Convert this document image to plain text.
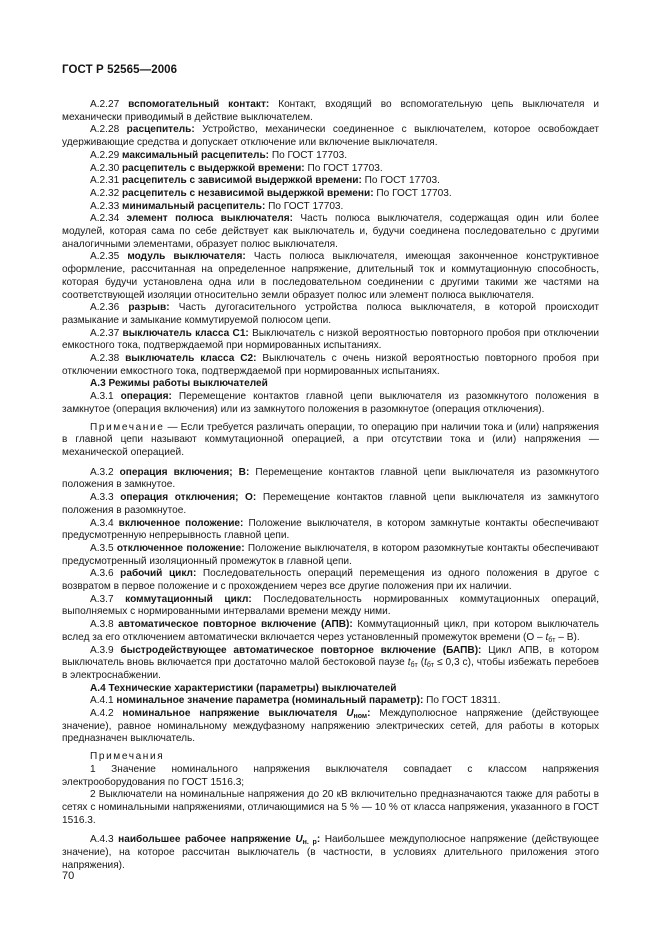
ГОСТ Р 52565—2006

A.2.27 вспомогательный контакт: Контакт, входящий во вспомогательную цепь выключателя и механически приводимый в действие выключателем.

A.2.28 расцепитель: Устройство, механически соединенное с выключателем, которое освобождает удерживающие средства и допускает отключение или включение выключателя.

A.2.29 максимальный расцепитель: По ГОСТ 17703.

A.2.30 расцепитель с выдержкой времени: По ГОСТ 17703.

A.2.31 расцепитель с зависимой выдержкой времени: По ГОСТ 17703.

A.2.32 расцепитель с независимой выдержкой времени: По ГОСТ 17703.

A.2.33 минимальный расцепитель: По ГОСТ 17703.

A.2.34 элемент полюса выключателя: Часть полюса выключателя, содержащая один или более модулей, которая сама по себе действует как выключатель и, будучи соединена последовательно с другими аналогичными элементами, образует полюс выключателя.

A.2.35 модуль выключателя: Часть полюса выключателя, имеющая законченное конструктивное оформление, рассчитанная на определенное напряжение, длительный ток и коммутационную способность, которая будучи установлена одна или в последовательном соединении с другими такими же частями на соответствующей изоляции относительно земли образует полюс или элемент полюса выключателя.

A.2.36 разрыв: Часть дугогасительного устройства полюса выключателя, в которой происходит размыкание и замыкание коммутируемой полюсом цепи.

A.2.37 выключатель класса С1: Выключатель с низкой вероятностью повторного пробоя при отключении емкостного тока, подтверждаемой при нормированных испытаниях.

A.2.38 выключатель класса С2: Выключатель с очень низкой вероятностью повторного пробоя при отключении емкостного тока, подтверждаемой при нормированных испытаниях.

А.3 Режимы работы выключателей

А.3.1 операция: Перемещение контактов главной цепи выключателя из разомкнутого положения в замкнутое (операция включения) или из замкнутого положения в разомкнутое (операция отключения).

Примечание — Если требуется различать операции, то операцию при наличии тока и (или) напряжения в главной цепи называют коммутационной операцией, а при отсутствии тока и (или) напряжения — механической операцией.

А.3.2 операция включения; В: Перемещение контактов главной цепи выключателя из разомкнутого положения в замкнутое.

А.3.3 операция отключения; О: Перемещение контактов главной цепи выключателя из замкнутого положения в разомкнутое.

А.3.4 включенное положение: Положение выключателя, в котором замкнутые контакты обеспечивают предусмотренную непрерывность главной цепи.

А.3.5 отключенное положение: Положение выключателя, в котором разомкнутые контакты обеспечивают предусмотренный изоляционный промежуток в главной цепи.

А.3.6 рабочий цикл: Последовательность операций перемещения из одного положения в другое с возвратом в первое положение и с прохождением через все другие положения при их наличии.

А.3.7 коммутационный цикл: Последовательность нормированных коммутационных операций, выполняемых с нормированными интервалами времени между ними.

А.3.8 автоматическое повторное включение (АПВ): Коммутационный цикл, при котором выключатель вслед за его отключением автоматически включается через установленный промежуток времени $(О - t_{бт} - В)$.

А.3.9 быстродействующее автоматическое повторное включение (БАПВ): Цикл АПВ, в котором выключатель вновь включается при достаточно малой бестоковой паузе $t_{бт}$ ($t_{бт} \le 0,3$ с), чтобы избежать перебоев в электроснабжении.

А.4 Технические характеристики (параметры) выключателей

А.4.1 номинальное значение параметра (номинальный параметр): По ГОСТ 18311.

А.4.2 номинальное напряжение выключателя $U_{ном}$: Междуполюсное напряжение (действующее значение), равное номинальному междуфазному напряжению электрических сетей, для работы в которых предназначен выключатель.

Примечания

1 Значение номинального напряжения выключателя совпадает с классом напряжения электрооборудования по ГОСТ 1516.3;

2 Выключатели на номинальные напряжения до 20 кВ включительно предназначаются также для работы в сетях с номинальными напряжениями, отличающимися на 5 % — 10 % от класса напряжения, указанного в ГОСТ 1516.3.

А.4.3 наибольшее рабочее напряжение $U_{н. р}$: Наибольшее междуполюсное напряжение (действующее значение), на которое рассчитан выключатель (в частности, в условиях длительного приложения этого напряжения).

70
